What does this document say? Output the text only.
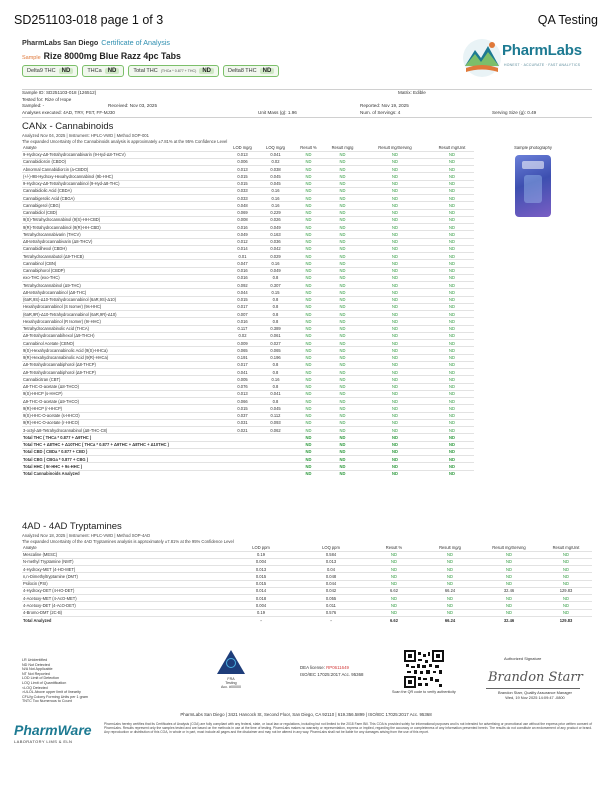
SD251103-018 page 1 of 3	QA Testing
PharmLabs San Diego Certificate of Analysis
Sample Rize 8000mg Blue Razz 4pc Tabs
Delta9 THC	ND	THCa	ND	Total THC (THCa * 0.877 + THC)	ND	Delta8 THC	ND
PharmLabs
HONEST · ACCURATE · FAST ANALYTICS
Sample ID: SD251103-018 (126512)	Matrix: Edible
Tested for: Rize of Hope
Sampled: -	Received: Nov 03, 2025	Reported: Nov 19, 2025
Analyses executed: 4AD, TRY, PST, FF-MJ30	Unit Mass (g): 1.96	Num. of Servings: 4	Serving Size (g): 0.49
CANx - Cannabinoids
Analyzed Nov 04, 2025 | Instrument: HPLC-VWD | Method SOP-001
The expanded Uncertainty of the Cannabinoids analysis is approximately ±7.81% at the 95% Confidence Level
Analyte	LOD mg/g	LOQ mg/g	Result %	Result mg/g	Result mg/Serving	Result mg/Unit	Sample photography
9-Hydroxy-Δ8-Tetrahydrocannabivarin (9-Hyd-Δ8-THCV)	0.013	0.041	ND	ND	ND	ND	

Cannabidiorcin (CBDO)	0.006	0.02	ND	ND	ND	ND	
Abnormal Cannabidiorcin (a-CBDO)	0.013	0.038	ND	ND	ND	ND	
(+/-)-9B-Hydroxy-Hexahydrocannabinol (9b-HHC)	0.015	0.045	ND	ND	ND	ND	
9-Hydroxy-Δ8-Tetrahydrocannabinol (9-Hyd-Δ8-THC)	0.015	0.045	ND	ND	ND	ND	
Cannabidiolic Acid (CBDA)	0.033	0.16	ND	ND	ND	ND	
Cannabigerolic Acid (CBGA)	0.033	0.16	ND	ND	ND	ND	
Cannabigerol (CBG)	0.048	0.16	ND	ND	ND	ND	
Cannabidiol (CBD)	0.069	0.229	ND	ND	ND	ND	
9(S)-Tetrahydrocannabinol (9(S)-HH-CBD)	0.008	0.026	ND	ND	ND	ND	
9(R)-Tetrahydrocannabinol (9(R)-HH-CBD)	0.016	0.049	ND	ND	ND	ND	
Tetrahydrocannabivarin (THCV)	0.049	0.163	ND	ND	ND	ND	
Δ8-tetrahydrocannabivarin (Δ8-THCV)	0.012	0.036	ND	ND	ND	ND	
Cannabidihexol (CBDH)	0.014	0.042	ND	ND	ND	ND	
Tetrahydrocannabutol (Δ9-THCB)	0.01	0.029	ND	ND	ND	ND	
Cannabinol (CBN)	0.047	0.16	ND	ND	ND	ND	
Cannabiphorol (CBDP)	0.016	0.049	ND	ND	ND	ND	
exo-THC (exo-THC)	0.016	0.8	ND	ND	ND	ND	
Tetrahydrocannabinol (Δ9-THC)	0.092	0.307	ND	ND	ND	ND	
Δ8-tetrahydrocannabinol (Δ8-THC)	0.044	0.15	ND	ND	ND	ND	
(6aR,9S)-Δ10-Tetrahydrocannabinol (6aR,9S)-Δ10)	0.015	0.8	ND	ND	ND	ND	
Hexahydrocannabinol (S Isomer) (9s-HHC)	0.017	0.8	ND	ND	ND	ND	
(6aR,9R)-Δ10-Tetrahydrocannabinol (6aR,9R)-Δ10)	0.007	0.8	ND	ND	ND	ND	
Hexahydrocannabinol (R Isomer) (9r-HHC)	0.016	0.8	ND	ND	ND	ND	
Tetrahydrocannabinolic Acid (THCA)	0.117	0.389	ND	ND	ND	ND	
Δ9-Tetrahydrocannabihexol (Δ9-THCH)	0.02	0.061	ND	ND	ND	ND	
Cannabinol Acetate (CBNO)	0.009	0.027	ND	ND	ND	ND	
9(S)-Hexahydrocannabinolic Acid (9(S)-HHCa)	0.065	0.065	ND	ND	ND	ND	
9(R)-Hexahydrocannabinolic Acid (9(R)-HHCa)	0.191	0.196	ND	ND	ND	ND	
Δ8-Tetrahydrocannabiphorol (Δ8-THCP)	0.017	0.8	ND	ND	ND	ND	
Δ9-Tetrahydrocannabiphorol (Δ9-THCP)	0.041	0.8	ND	ND	ND	ND	
Cannabicitran (CBT)	0.005	0.16	ND	ND	ND	ND	
Δ8-THC-O-acetate (Δ8-THCO)	0.076	0.8	ND	ND	ND	ND	
9(S)-HHCP (s-HHCP)	0.013	0.041	ND	ND	ND	ND	
Δ9-THC-O-acetate (Δ9-THCO)	0.066	0.8	ND	ND	ND	ND	
9(R)-HHCP (r-HHCP)	0.015	0.045	ND	ND	ND	ND	
9(S)-HHC-O-acetate (s-HHCO)	0.037	0.112	ND	ND	ND	ND	
9(R)-HHC-O-acetate (r-HHCO)	0.031	0.093	ND	ND	ND	ND	
3-octyl-Δ8-Tetrahydrocannabinol (Δ8-THC-C8)	0.021	0.062	ND	ND	ND	ND	
Total THC ( THCa * 0.877 + Δ9THC )			ND	ND	ND	ND	
Total THC + Δ8THC + Δ10THC ( THCa * 0.877 + Δ9THC + Δ8THC + Δ10THC )			ND	ND	ND	ND	
Total CBD ( CBDa * 0.877 + CBD )			ND	ND	ND	ND	
Total CBG ( CBGa * 0.877 + CBG )			ND	ND	ND	ND	
Total HHC ( 9r-HHC + 9s-HHC )			ND	ND	ND	ND	
Total Cannabinoids Analyzed			ND	ND	ND	ND	
4AD - 4AD Tryptamines
Analyzed Nov 18, 2025 | Instrument: HPLC-VWD | Method SOP-4AD
The expanded Uncertainty of the 4AD Tryptamines analysis is approximately ±7.81% at the 95% Confidence Level
Analyte	LOD ppm	LOQ ppm	Result %	Result mg/g	Result mg/Serving	Result mg/Unit
Mescaline (MESC)	0.19	0.584	ND	ND	ND	ND
N-methyl Tryptamine (NMT)	0.004	0.013	ND	ND	ND	ND
4-Hydroxy-MET (4-HO-MET)	0.013	0.04	ND	ND	ND	ND
n,n-Dimethyltryptamine (DMT)	0.015	0.048	ND	ND	ND	ND
Psilocin (PSI)	0.015	0.044	ND	ND	ND	ND
4-Hydroxy-DET (4-HO-DET)	0.014	0.042	6.62	66.24	32.46	129.83
4-Acetoxy-MET (4-AcO-MET)	0.018	0.055	ND	ND	ND	ND
4-Acetoxy-DET (4-AcO-DET)	0.004	0.011	ND	ND	ND	ND
4-Bromo-DMT (2C-B)	0.19	0.576	ND	ND	ND	ND
Total Analyzed	-	-	6.62	66.24	32.46	129.83
LR Unidentified
ND Not Detected
N/A Not Applicable
NT Not Reported
LOD Limit of Detection
LOQ Limit of Quantification
<LOQ Detected
>ULOL Above upper limit of linearity
CFU/g Colony Forming Units per 1 gram
TNTC Too Numerous to Count
FRA
Testing
Acc. #00000
DEA license: RP0611649
ISO/IEC 17025:2017 Acc. 95368
Scan the QR code to verify authenticity
Authorized Signature
Brandon Starr
Brandon Starr, Quality Assurance Manager
Wed, 19 Nov 2025 14:09:47 -0800
PharmLabs San Diego | 3421 Hancock St, Second Floor, San Diego, CA 92110 | 619.356.5899 | ISO/IEC 17025:2017 Acc. 95368
PharmWare
LABORATORY LIMS & ELN
PharmLabs hereby certifies that its Certificates of Analysis (COA) are fully compliant with any federal, state, or local law or regulations, including but not limited to the 2018 Farm Bill. This COA is provided solely for informational purposes and is not intended for advertising or promotional use without the express prior written consent of PharmLabs. Results represent only the samples tested and are based on the methods in use at the time of testing. PharmLabs makes no warranty or representation, express or implied, regarding the accuracy or completeness of any information presented herein. The results do not constitute an endorsement of any product or brand. Any reproduction or distribution of this COA, in whole or in part, must include all pages and the disclaimer and may not be altered in any way. PharmLabs shall not be liable for any damages arising from the use of this report.
